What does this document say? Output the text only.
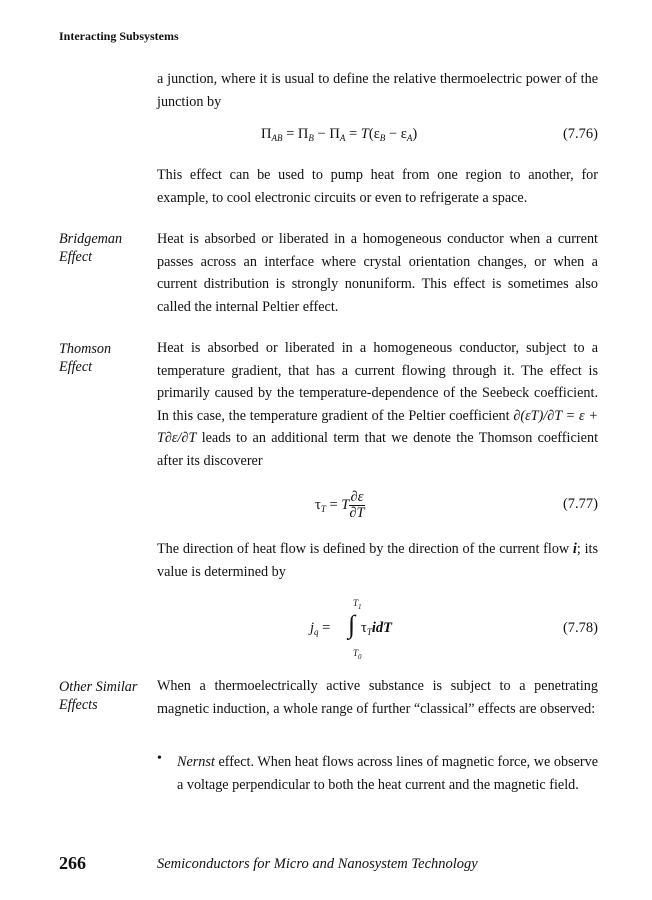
Interacting Subsystems
a junction, where it is usual to define the relative thermoelectric power of the junction by
$\Pi_{AB} = \Pi_B - \Pi_A = T(\varepsilon_B - \varepsilon_A)$	(7.76)
This effect can be used to pump heat from one region to another, for example, to cool electronic circuits or even to refrigerate a space.
Bridgeman
Effect
Heat is absorbed or liberated in a homogeneous conductor when a current passes across an interface where crystal orientation changes, or when a current distribution is strongly nonuniform. This effect is sometimes also called the internal Peltier effect.
Thomson
Effect
Heat is absorbed or liberated in a homogeneous conductor, subject to a temperature gradient, that has a current flowing through it. The effect is primarily caused by the temperature-dependence of the Seebeck coefficient. In this case, the temperature gradient of the Peltier coefficient ∂(εT)/∂T = ε + T∂ε/∂T leads to an additional term that we denote the Thomson coefficient after its discoverer
$\tau_T = T \frac{\partial\varepsilon}{\partial T}$	(7.77)
The direction of heat flow is defined by the direction of the current flow i; its value is determined by
$T_1$
$j_q$ = ∫ $\tau_TidT$
$T_0$
(7.78)
Other Similar
Effects
When a thermoelectrically active substance is subject to a penetrating magnetic induction, a whole range of further “classical” effects are observed:
• Nernst effect. When heat flows across lines of magnetic force, we observe a voltage perpendicular to both the heat current and the magnetic field.
266	Semiconductors for Micro and Nanosystem Technology
